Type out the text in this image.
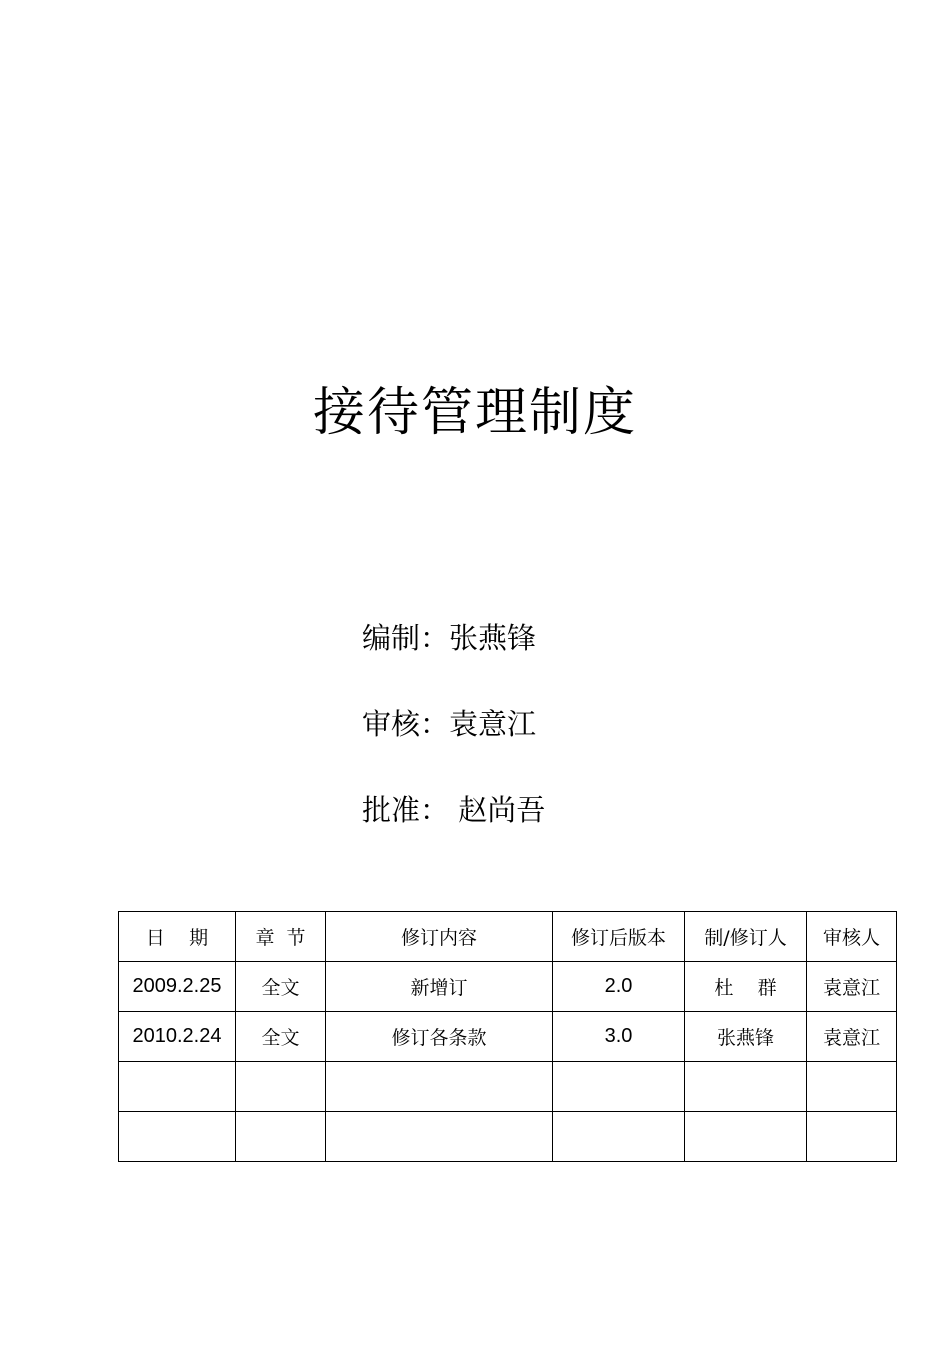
接待管理制度
编制：张燕锋
审核：袁意江
批准： 赵尚吾
日    期	章  节	修订内容	修订后版本	制/修订人	审核人
2009.2.25	全文	新增订	2.0	杜    群	袁意江
2010.2.24	全文	修订各条款	3.0	张燕锋	袁意江
